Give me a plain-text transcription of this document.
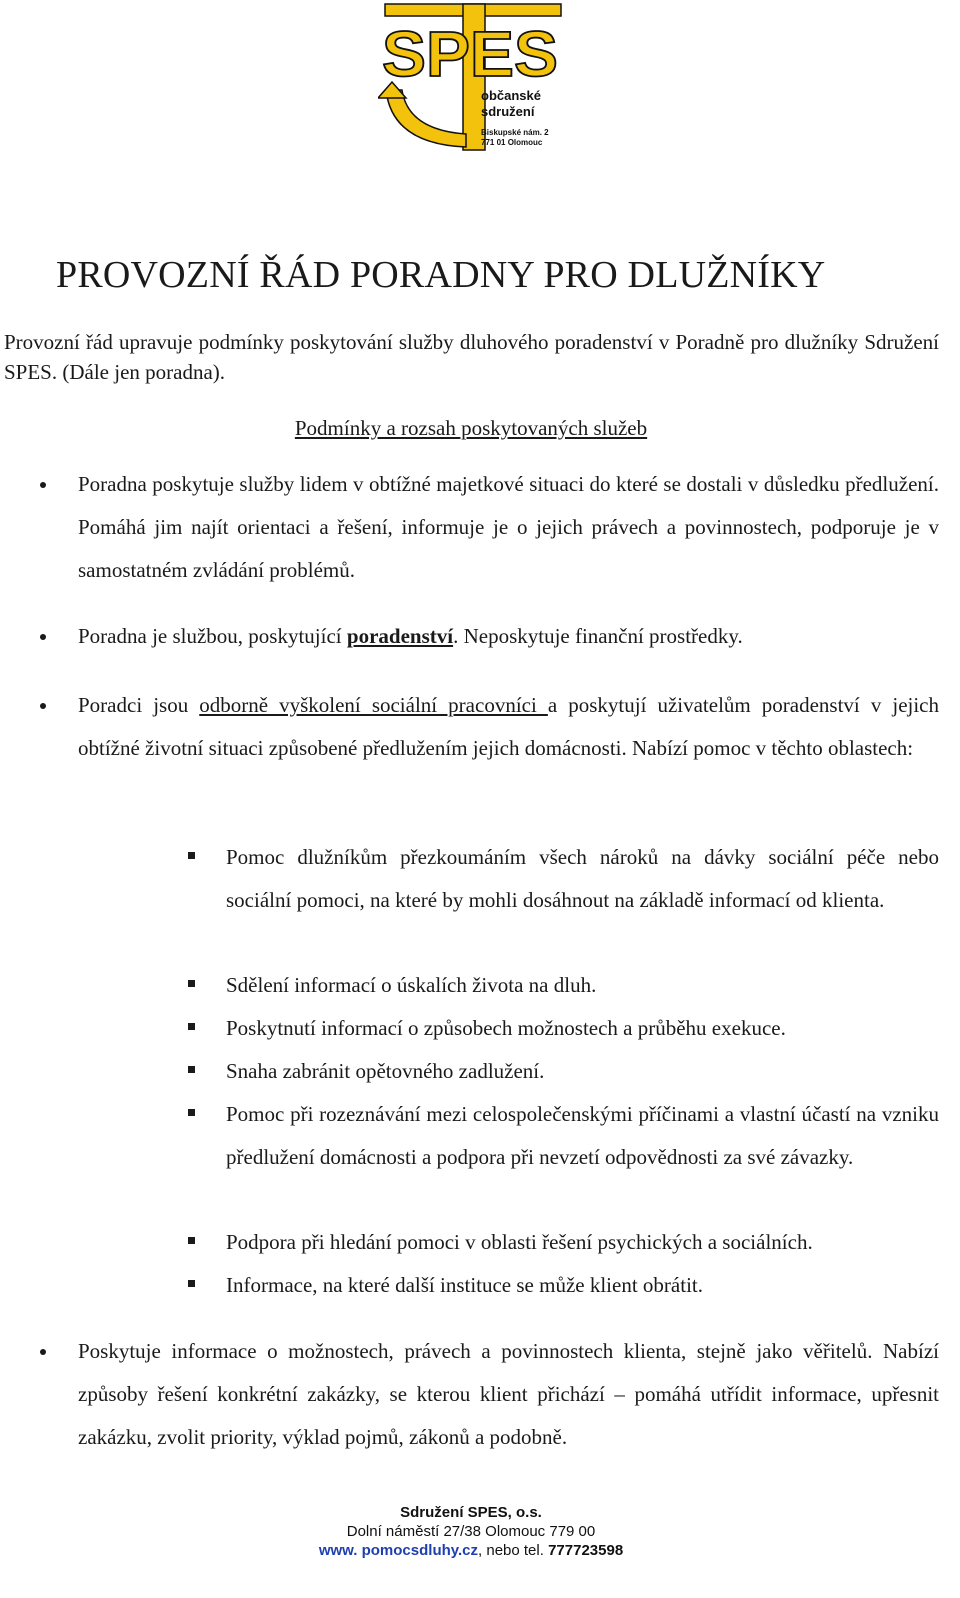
SPES
občanské
sdružení
Biskupské nám. 2
771 01 Olomouc
PROVOZNÍ ŘÁD PORADNY PRO DLUŽNÍKY

Provozní řád upravuje podmínky poskytování služby dluhového poradenství v Poradně pro dlužníky Sdružení SPES. (Dále jen poradna).

Podmínky a rozsah poskytovaných služeb
Poradna poskytuje služby lidem v obtížné majetkové situaci do které se dostali v důsledku předlužení. Pomáhá jim najít orientaci a řešení, informuje je o jejich právech a povinnostech, podporuje je v samostatném zvládání problémů.
Poradna je službou, poskytující poradenství. Neposkytuje finanční prostředky.
Poradci jsou odborně vyškolení sociální pracovníci a poskytují uživatelům poradenství v jejich obtížné životní situaci způsobené předlužením jejich domácnosti. Nabízí pomoc v těchto oblastech:
Pomoc dlužníkům přezkoumáním všech nároků na dávky sociální péče nebo sociální pomoci, na které by mohli dosáhnout na základě informací od klienta.
Sdělení informací o úskalích života na dluh.
Poskytnutí informací o způsobech možnostech a průběhu exekuce.
Snaha zabránit opětovného zadlužení.
Pomoc při rozeznávání mezi celospolečenskými příčinami a vlastní účastí na vzniku předlužení domácnosti a podpora při nevzetí odpovědnosti za své závazky.
Podpora při hledání pomoci v oblasti řešení psychických a sociálních.
Informace, na které další instituce se může klient obrátit.
Poskytuje informace o možnostech, právech a povinnostech klienta, stejně jako věřitelů. Nabízí způsoby řešení konkrétní zakázky, se kterou klient přichází – pomáhá utřídit informace, upřesnit zakázku, zvolit priority, výklad pojmů, zákonů a podobně.
Sdružení SPES, o.s.
Dolní náměstí 27/38 Olomouc 779 00
www. pomocsdluhy.cz, nebo tel. 777723598
